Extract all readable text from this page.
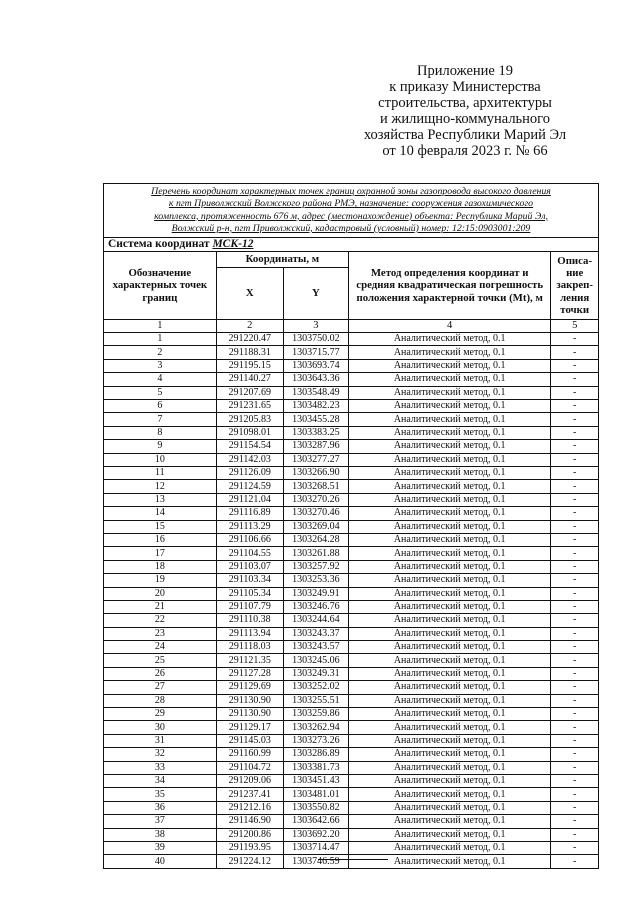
Приложение 19
к приказу Министерства
строительства, архитектуры
и жилищно-коммунального
хозяйства Республики Марий Эл
от 10 февраля 2023 г. № 66
Перечень координат характерных точек границ охранной зоны газопровода высокого давления
к пгт Приволжский Волжского района РМЭ, назначение: сооружения газохимического
комплекса, протяженность 676 м, адрес (местонахождение) объекта: Республика Марий Эл,
Волжский р-н, пгт Приволжский, кадастровый (условный) номер: 12:15:0903001:209
Система координат МСК-12
Обозначение характерных точек границ	Координаты, м		Метод определения координат и средняя квадратическая погрешность положения характерной точки (Mt), м	Описа-ние закреп-ления точки
	X	Y		
1	2	3	4	5
1	291220.47	1303750.02	Аналитический метод, 0.1	-
2	291188.31	1303715.77	Аналитический метод, 0.1	-
3	291195.15	1303693.74	Аналитический метод, 0.1	-
4	291140.27	1303643.36	Аналитический метод, 0.1	-
5	291207.69	1303548.49	Аналитический метод, 0.1	-
6	291231.65	1303482.23	Аналитический метод, 0.1	-
7	291205.83	1303455.28	Аналитический метод, 0.1	-
8	291098.01	1303383.25	Аналитический метод, 0.1	-
9	291154.54	1303287.96	Аналитический метод, 0.1	-
10	291142.03	1303277.27	Аналитический метод, 0.1	-
11	291126.09	1303266.90	Аналитический метод, 0.1	-
12	291124.59	1303268.51	Аналитический метод, 0.1	-
13	291121.04	1303270.26	Аналитический метод, 0.1	-
14	291116.89	1303270.46	Аналитический метод, 0.1	-
15	291113.29	1303269.04	Аналитический метод, 0.1	-
16	291106.66	1303264.28	Аналитический метод, 0.1	-
17	291104.55	1303261.88	Аналитический метод, 0.1	-
18	291103.07	1303257.92	Аналитический метод, 0.1	-
19	291103.34	1303253.36	Аналитический метод, 0.1	-
20	291105.34	1303249.91	Аналитический метод, 0.1	-
21	291107.79	1303246.76	Аналитический метод, 0.1	-
22	291110.38	1303244.64	Аналитический метод, 0.1	-
23	291113.94	1303243.37	Аналитический метод, 0.1	-
24	291118.03	1303243.57	Аналитический метод, 0.1	-
25	291121.35	1303245.06	Аналитический метод, 0.1	-
26	291127.28	1303249.31	Аналитический метод, 0.1	-
27	291129.69	1303252.02	Аналитический метод, 0.1	-
28	291130.90	1303255.51	Аналитический метод, 0.1	-
29	291130.90	1303259.86	Аналитический метод, 0.1	-
30	291129.17	1303262.94	Аналитический метод, 0.1	-
31	291145.03	1303273.26	Аналитический метод, 0.1	-
32	291160.99	1303286.89	Аналитический метод, 0.1	-
33	291104.72	1303381.73	Аналитический метод, 0.1	-
34	291209.06	1303451.43	Аналитический метод, 0.1	-
35	291237.41	1303481.01	Аналитический метод, 0.1	-
36	291212.16	1303550.82	Аналитический метод, 0.1	-
37	291146.90	1303642.66	Аналитический метод, 0.1	-
38	291200.86	1303692.20	Аналитический метод, 0.1	-
39	291193.95	1303714.47	Аналитический метод, 0.1	-
40	291224.12	1303746.59	Аналитический метод, 0.1	-
